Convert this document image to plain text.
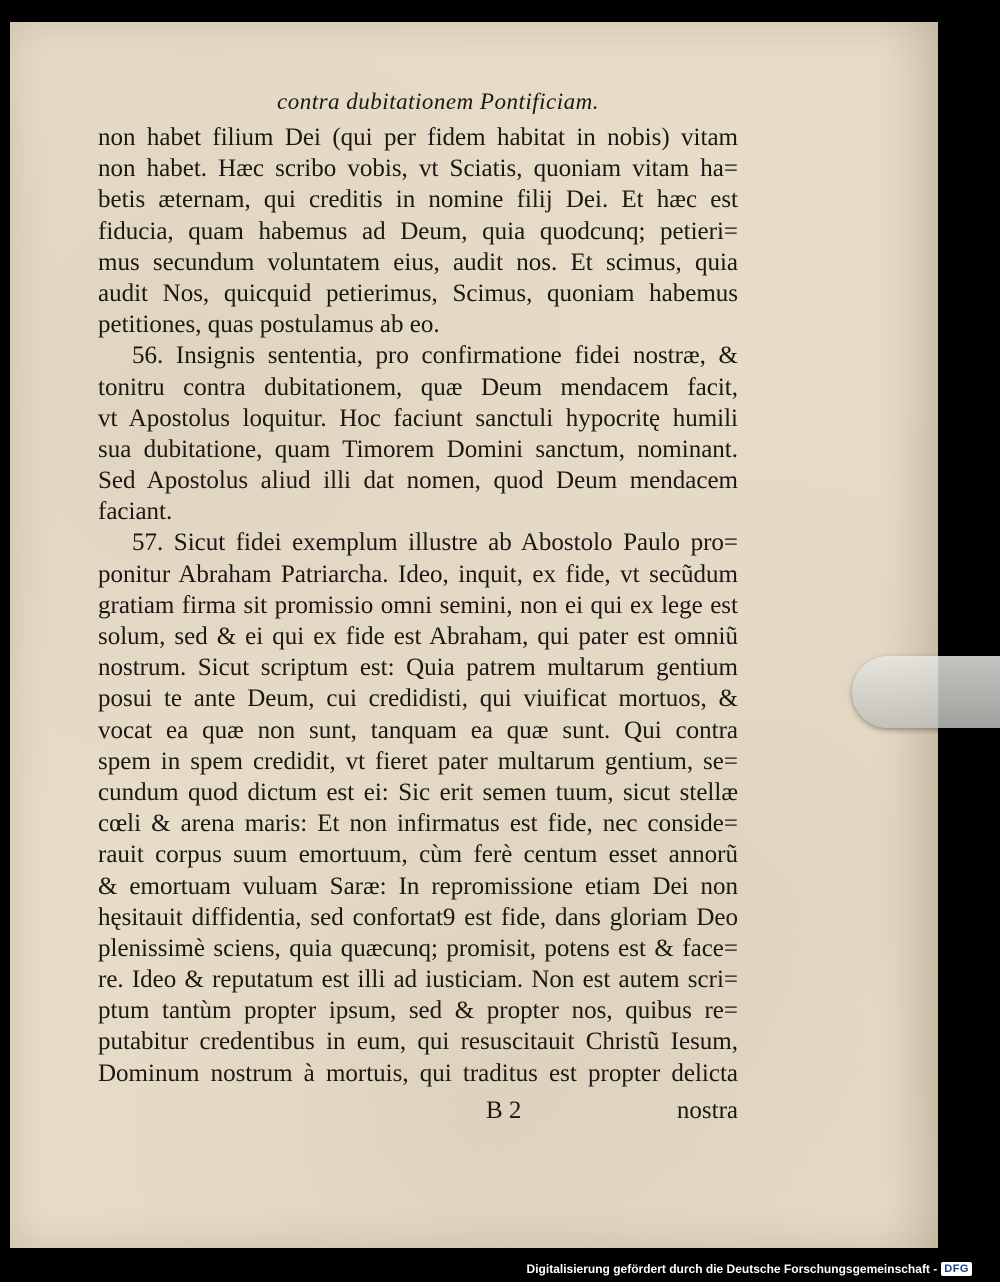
contra dubitationem Pontificiam.
non habet filium Dei (qui per fidem habitat in nobis) vitam
non habet. Hæc scribo vobis, vt Sciatis, quoniam vitam ha=
betis æternam, qui creditis in nomine filij Dei. Et hæc est
fiducia, quam habemus ad Deum, quia quodcunq; petieri=
mus secundum voluntatem eius, audit nos. Et scimus, quia
audit Nos, quicquid petierimus, Scimus, quoniam habemus
petitiones, quas postulamus ab eo.
56. Insignis sententia, pro confirmatione fidei nostræ, &
tonitru contra dubitationem, quæ Deum mendacem facit,
vt Apostolus loquitur. Hoc faciunt sanctuli hypocritę humili
sua dubitatione, quam Timorem Domini sanctum, nominant.
Sed Apostolus aliud illi dat nomen, quod Deum mendacem
faciant.
57. Sicut fidei exemplum illustre ab Abostolo Paulo pro=
ponitur Abraham Patriarcha. Ideo, inquit, ex fide, vt secũdum
gratiam firma sit promissio omni semini, non ei qui ex lege est
solum, sed & ei qui ex fide est Abraham, qui pater est omniũ
nostrum. Sicut scriptum est: Quia patrem multarum gentium
posui te ante Deum, cui credidisti, qui viuificat mortuos, &
vocat ea quæ non sunt, tanquam ea quæ sunt. Qui contra
spem in spem credidit, vt fieret pater multarum gentium, se=
cundum quod dictum est ei: Sic erit semen tuum, sicut stellæ
cœli & arena maris: Et non infirmatus est fide, nec conside=
rauit corpus suum emortuum, cùm ferè centum esset annorũ
& emortuam vuluam Saræ: In repromissione etiam Dei non
hęsitauit diffidentia, sed confortat9 est fide, dans gloriam Deo
plenissimè sciens, quia quæcunq; promisit, potens est & face=
re. Ideo & reputatum est illi ad iusticiam. Non est autem scri=
ptum tantùm propter ipsum, sed & propter nos, quibus re=
putabitur credentibus in eum, qui resuscitauit Christũ Iesum,
Dominum nostrum à mortuis, qui traditus est propter delicta
B 2	nostra
Digitalisierung gefördert durch die Deutsche Forschungsgemeinschaft - DFG
